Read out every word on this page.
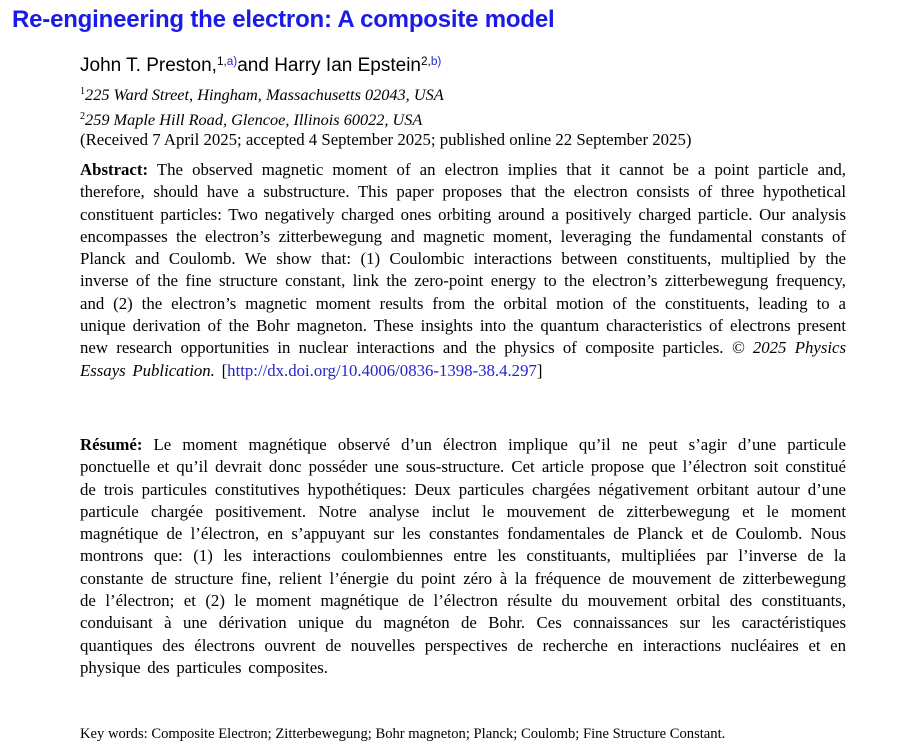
Re-engineering the electron: A composite model
John T. Preston,$^{1,a)}$and Harry Ian Epstein$^{2,b)}$
$^1$225 Ward Street, Hingham, Massachusetts 02043, USA
$^2$259 Maple Hill Road, Glencoe, Illinois 60022, USA
(Received 7 April 2025; accepted 4 September 2025; published online 22 September 2025)

Abstract: The observed magnetic moment of an electron implies that it cannot be a point particle and, therefore, should have a substructure. This paper proposes that the electron consists of three hypothetical constituent particles: Two negatively charged ones orbiting around a positively charged particle. Our analysis encompasses the electron’s zitterbewegung and magnetic moment, leveraging the fundamental constants of Planck and Coulomb. We show that: (1) Coulombic interactions between constituents, multiplied by the inverse of the fine structure constant, link the zero-point energy to the electron’s zitterbewegung frequency, and (2) the electron’s magnetic moment results from the orbital motion of the constituents, leading to a unique derivation of the Bohr magneton. These insights into the quantum characteristics of electrons present new research opportunities in nuclear interactions and the physics of composite particles. © 2025 Physics Essays Publication. [http://dx.doi.org/10.4006/0836-1398-38.4.297]

Résumé: Le moment magnétique observé d’un électron implique qu’il ne peut s’agir d’une particule ponctuelle et qu’il devrait donc posséder une sous-structure. Cet article propose que l’électron soit constitué de trois particules constitutives hypothétiques: Deux particules chargées négativement orbitant autour d’une particule chargée positivement. Notre analyse inclut le mouvement de zitterbewegung et le moment magnétique de l’électron, en s’appuyant sur les constantes fondamentales de Planck et de Coulomb. Nous montrons que: (1) les interactions coulombiennes entre les constituants, multipliées par l’inverse de la constante de structure fine, relient l’énergie du point zéro à la fréquence de mouvement de zitterbewegung de l’électron; et (2) le moment magnétique de l’électron résulte du mouvement orbital des constituants, conduisant à une dérivation unique du magnéton de Bohr. Ces connaissances sur les caractéristiques quantiques des électrons ouvrent de nouvelles perspectives de recherche en interactions nucléaires et en physique des particules composites.

Key words: Composite Electron; Zitterbewegung; Bohr magneton; Planck; Coulomb; Fine Structure Constant.
